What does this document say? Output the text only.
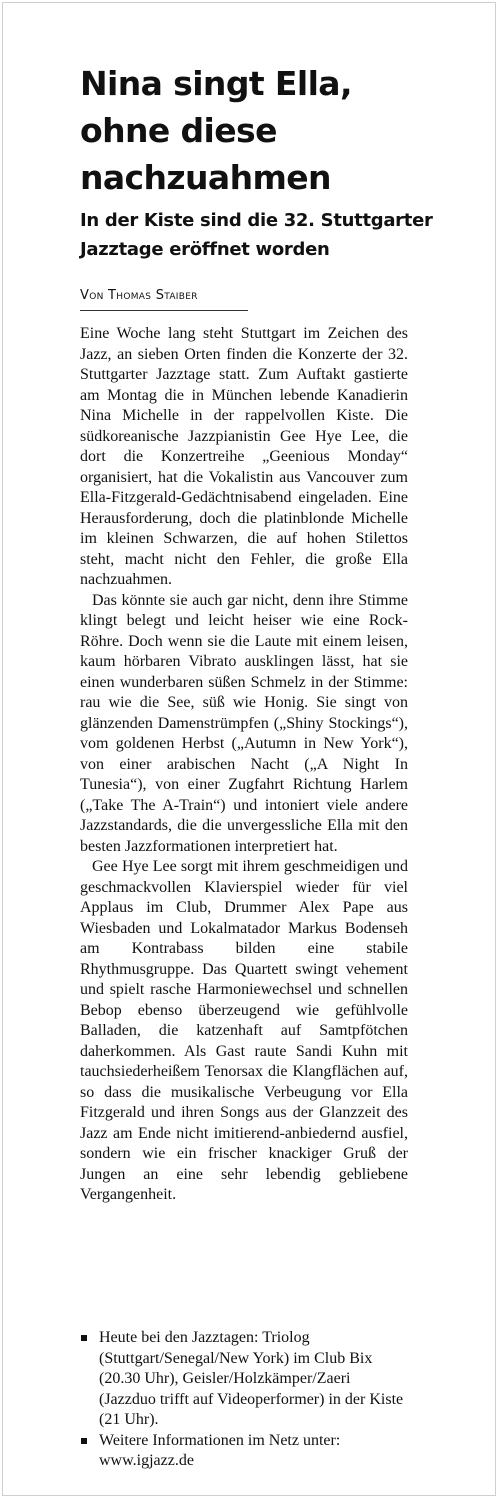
Nina singt Ella,
ohne diese
nachzuahmen
In der Kiste sind die 32. Stuttgarter
Jazztage eröffnet worden
Von Thomas Staiber

Eine Woche lang steht Stuttgart im Zeichen des Jazz, an sieben Orten finden die Konzerte der 32. Stuttgarter Jazztage statt. Zum Auftakt gastierte am Montag die in München lebende Kanadierin Nina Michelle in der rappelvollen Kiste. Die südkoreanische Jazzpianistin Gee Hye Lee, die dort die Konzertreihe „Geenious Monday“ organisiert, hat die Vokalistin aus Vancouver zum Ella-Fitzgerald-Gedächtnisabend eingeladen. Eine Herausforderung, doch die platinblonde Michelle im kleinen Schwarzen, die auf hohen Stilettos steht, macht nicht den Fehler, die große Ella nachzuahmen.

Das könnte sie auch gar nicht, denn ihre Stimme klingt belegt und leicht heiser wie eine Rock-Röhre. Doch wenn sie die Laute mit einem leisen, kaum hörbaren Vibrato ausklingen lässt, hat sie einen wunderbaren süßen Schmelz in der Stimme: rau wie die See, süß wie Honig. Sie singt von glänzenden Damenstrümpfen („Shiny Stockings“), vom goldenen Herbst („Autumn in New York“), von einer arabischen Nacht („A Night In Tunesia“), von einer Zugfahrt Richtung Harlem („Take The A-Train“) und intoniert viele andere Jazzstandards, die die unvergessliche Ella mit den besten Jazzformationen interpretiert hat.

Gee Hye Lee sorgt mit ihrem geschmeidigen und geschmackvollen Klavierspiel wieder für viel Applaus im Club, Drummer Alex Pape aus Wiesbaden und Lokalmatador Markus Bodenseh am Kontrabass bilden eine stabile Rhythmusgruppe. Das Quartett swingt vehement und spielt rasche Harmoniewechsel und schnellen Bebop ebenso überzeugend wie gefühlvolle Balladen, die katzenhaft auf Samtpfötchen daherkommen. Als Gast raute Sandi Kuhn mit tauchsiederheißem Tenorsax die Klangflächen auf, so dass die musikalische Verbeugung vor Ella Fitzgerald und ihren Songs aus der Glanzzeit des Jazz am Ende nicht imitierend-anbiedernd ausfiel, sondern wie ein frischer knackiger Gruß der Jungen an eine sehr lebendig gebliebene Vergangenheit.

Heute bei den Jazztagen: Triolog (Stuttgart/Senegal/New York) im Club Bix (20.30 Uhr), Geisler/Holzkämper/Zaeri (Jazzduo trifft auf Videoperformer) in der Kiste (21 Uhr).
Weitere Informationen im Netz unter: www.igjazz.de
